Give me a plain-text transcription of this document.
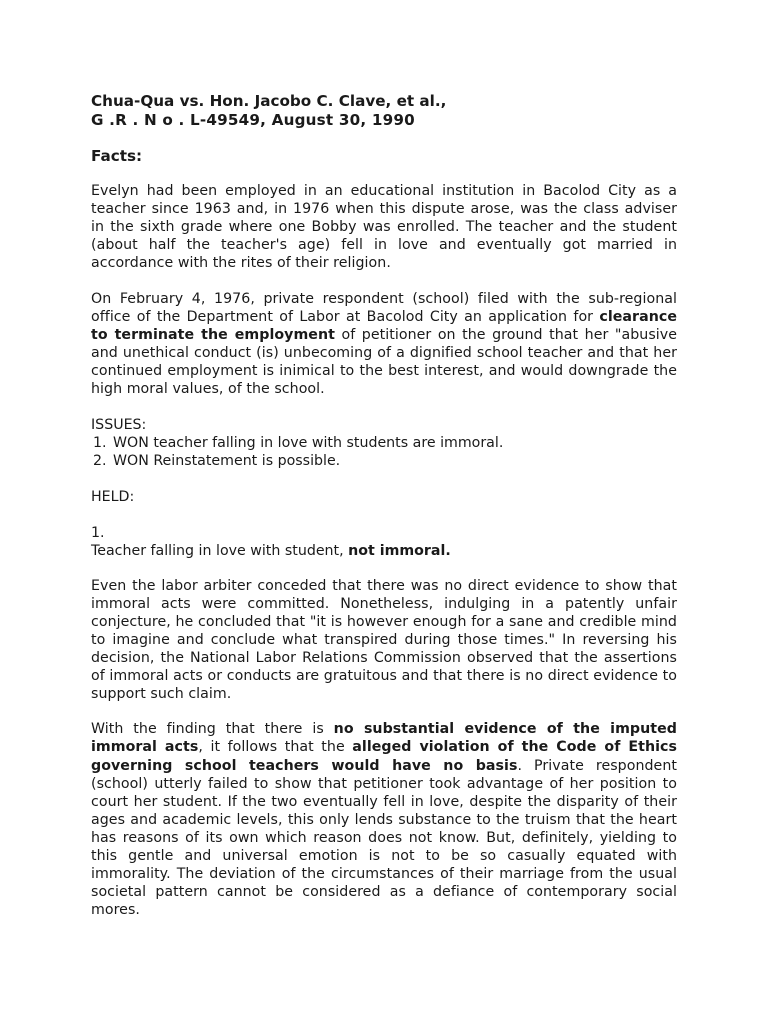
Chua-Qua vs. Hon. Jacobo C. Clave, et al.,

G .R . N o . L-49549, August 30, 1990

Facts:

Evelyn had been employed in an educational institution in Bacolod City as a teacher since 1963 and, in 1976 when this dispute arose, was the class adviser in the sixth grade where one Bobby was enrolled. The teacher and the student (about half the teacher's age) fell in love and eventually got married in accordance with the rites of their religion.

On February 4, 1976, private respondent (school) filed with the sub-regional office of the Department of Labor at Bacolod City an application for clearance to terminate the employment of petitioner on the ground that her "abusive and unethical conduct (is) unbecoming of a dignified school teacher and that her continued employment is inimical to the best interest, and would downgrade the high moral values, of the school.

ISSUES:

1. WON teacher falling in love with students are immoral.
2. WON Reinstatement is possible.

HELD:

1.

Teacher falling in love with student, not immoral.

Even the labor arbiter conceded that there was no direct evidence to show that immoral acts were committed. Nonetheless, indulging in a patently unfair conjecture, he concluded that "it is however enough for a sane and credible mind to imagine and conclude what transpired during those times." In reversing his decision, the National Labor Relations Commission observed that the assertions of immoral acts or conducts are gratuitous and that there is no direct evidence to support such claim.

With the finding that there is no substantial evidence of the imputed immoral acts, it follows that the alleged violation of the Code of Ethics governing school teachers would have no basis. Private respondent (school) utterly failed to show that petitioner took advantage of her position to court her student. If the two eventually fell in love, despite the disparity of their ages and academic levels, this only lends substance to the truism that the heart has reasons of its own which reason does not know. But, definitely, yielding to this gentle and universal emotion is not to be so casually equated with immorality. The deviation of the circumstances of their marriage from the usual societal pattern cannot be considered as a defiance of contemporary social mores.
